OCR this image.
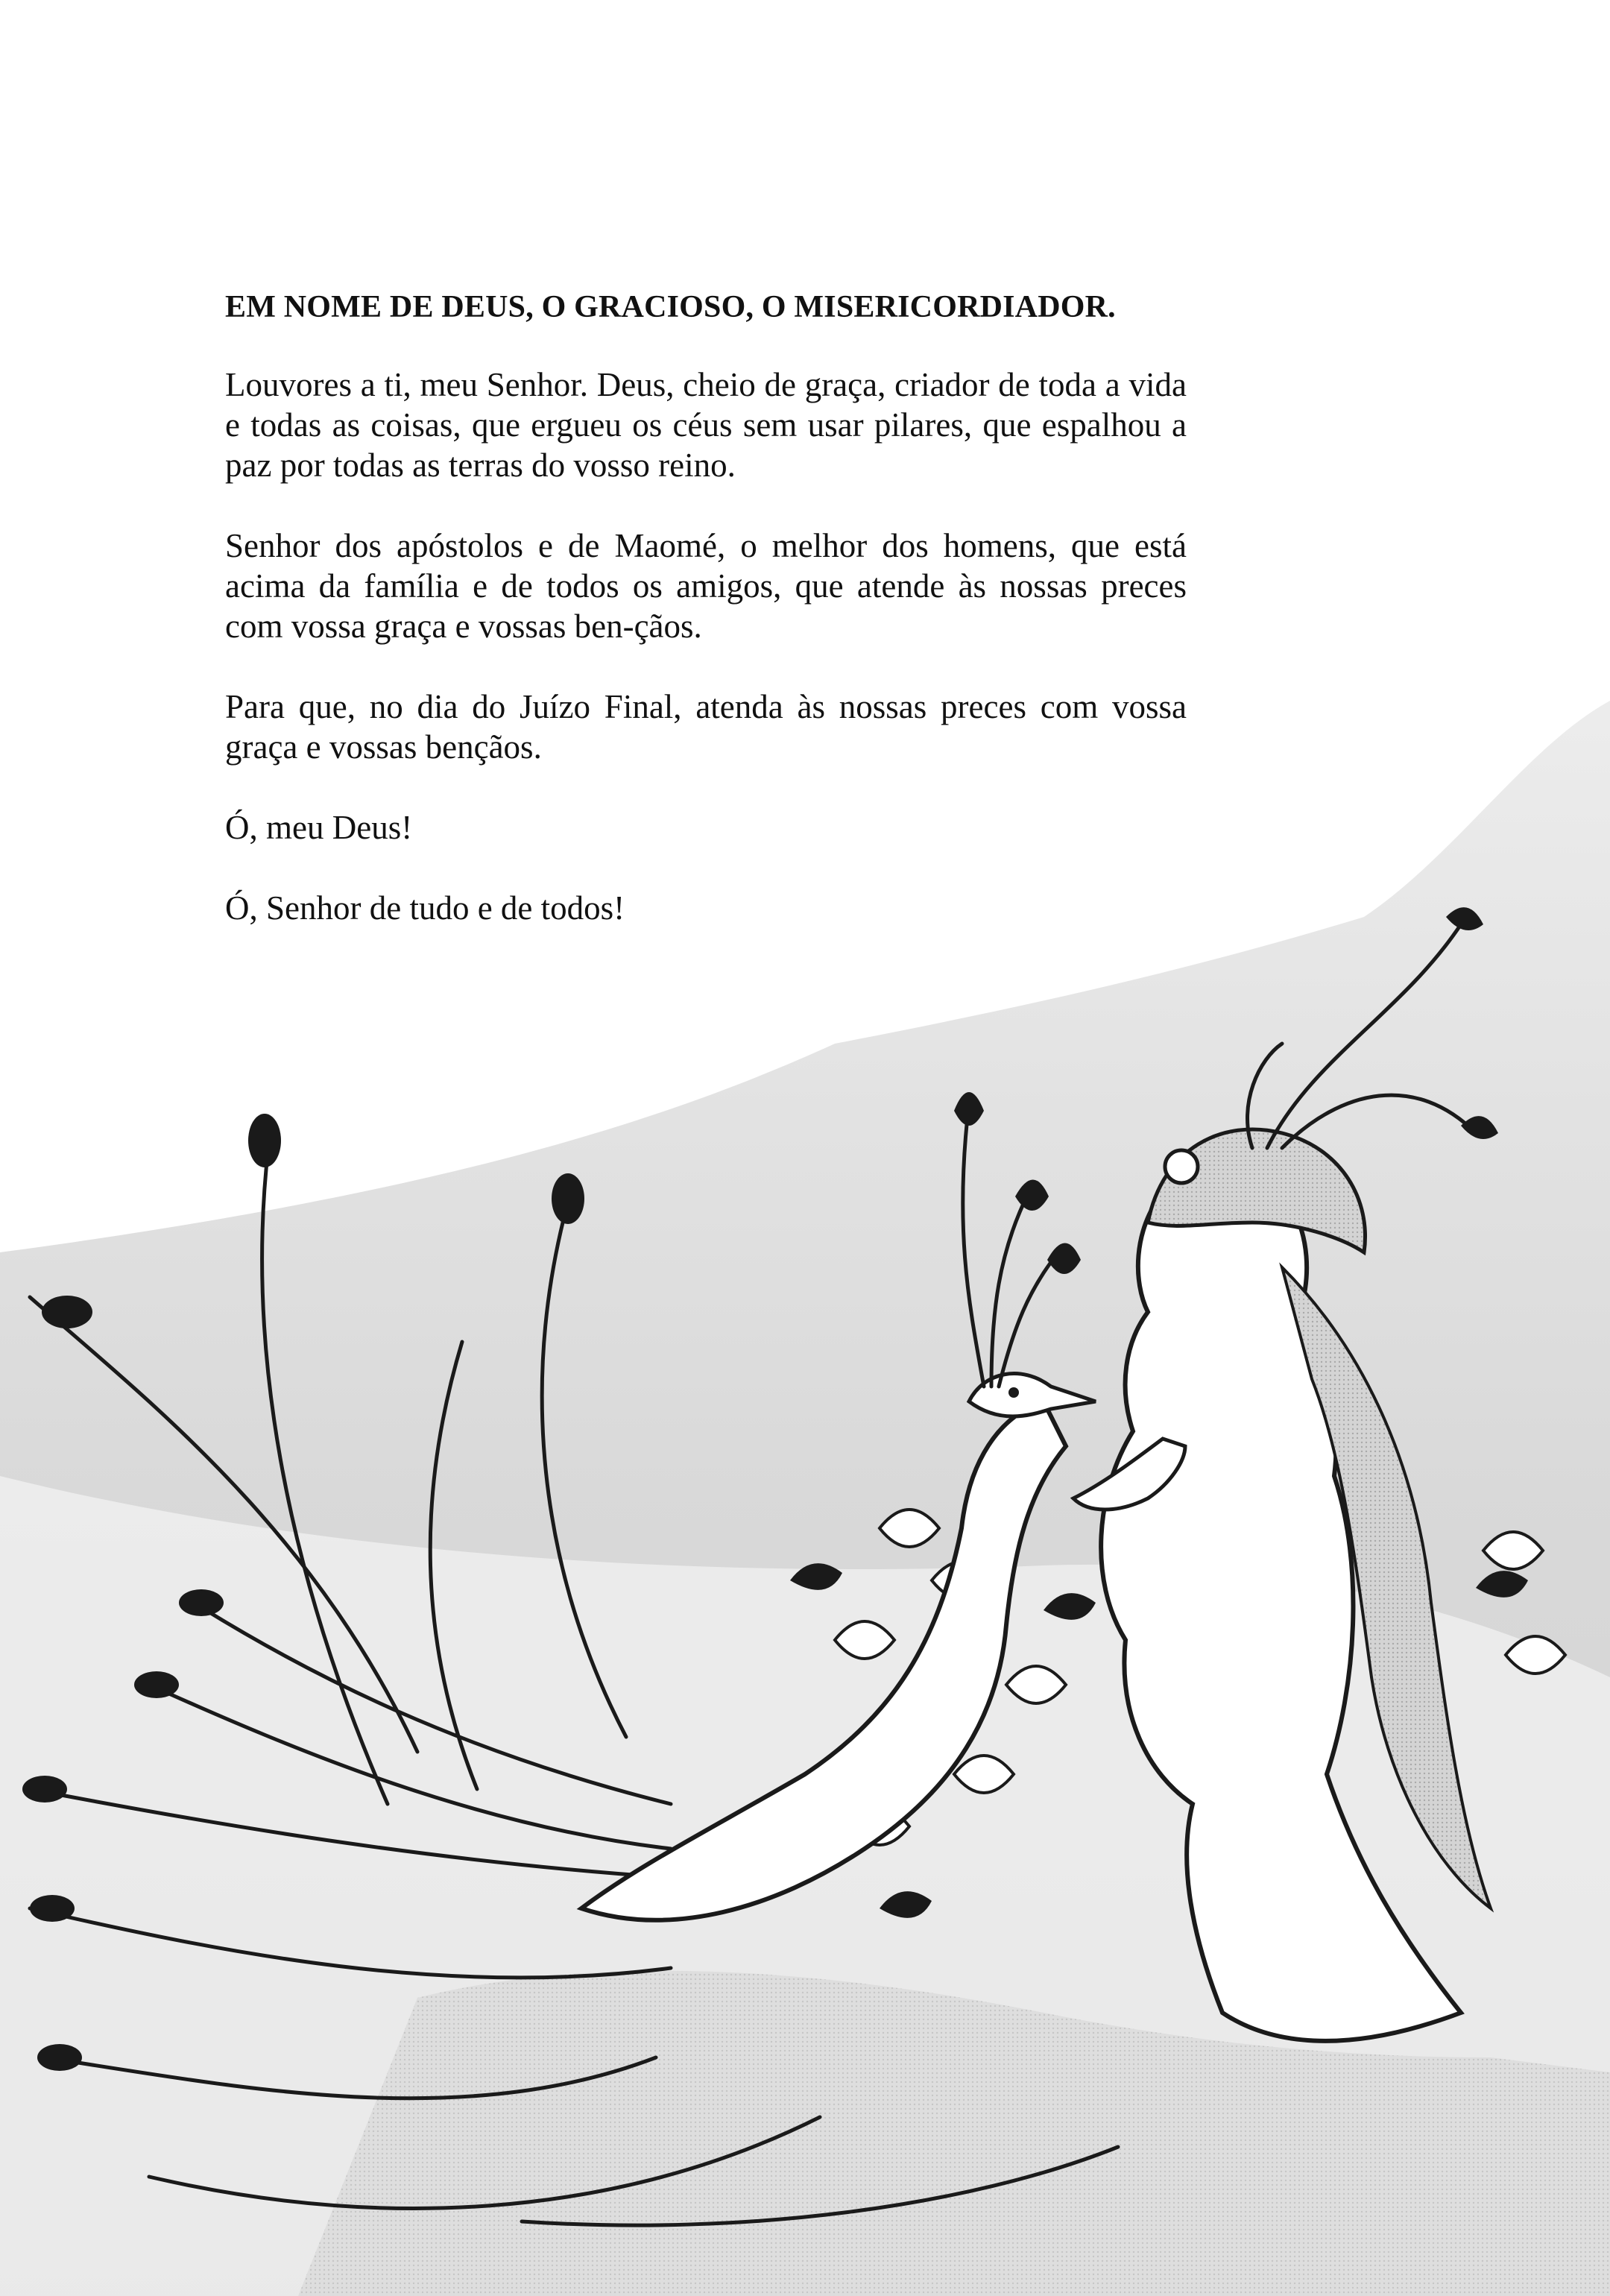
EM NOME DE DEUS, O GRACIOSO, O MISERICORDIADOR.
Louvores a ti, meu Senhor. Deus, cheio de graça, criador de toda a vida e todas as coisas, que ergueu os céus sem usar pilares, que espalhou a paz por todas as terras do vosso reino.
Senhor dos apóstolos e de Maomé, o melhor dos homens, que está acima da família e de todos os amigos, que atende às nossas preces com vossa graça e vossas ben-çãos.
Para que, no dia do Juízo Final, atenda às nossas preces com vossa graça e vossas bençãos.
Ó, meu Deus!
Ó, Senhor de tudo e de todos!
